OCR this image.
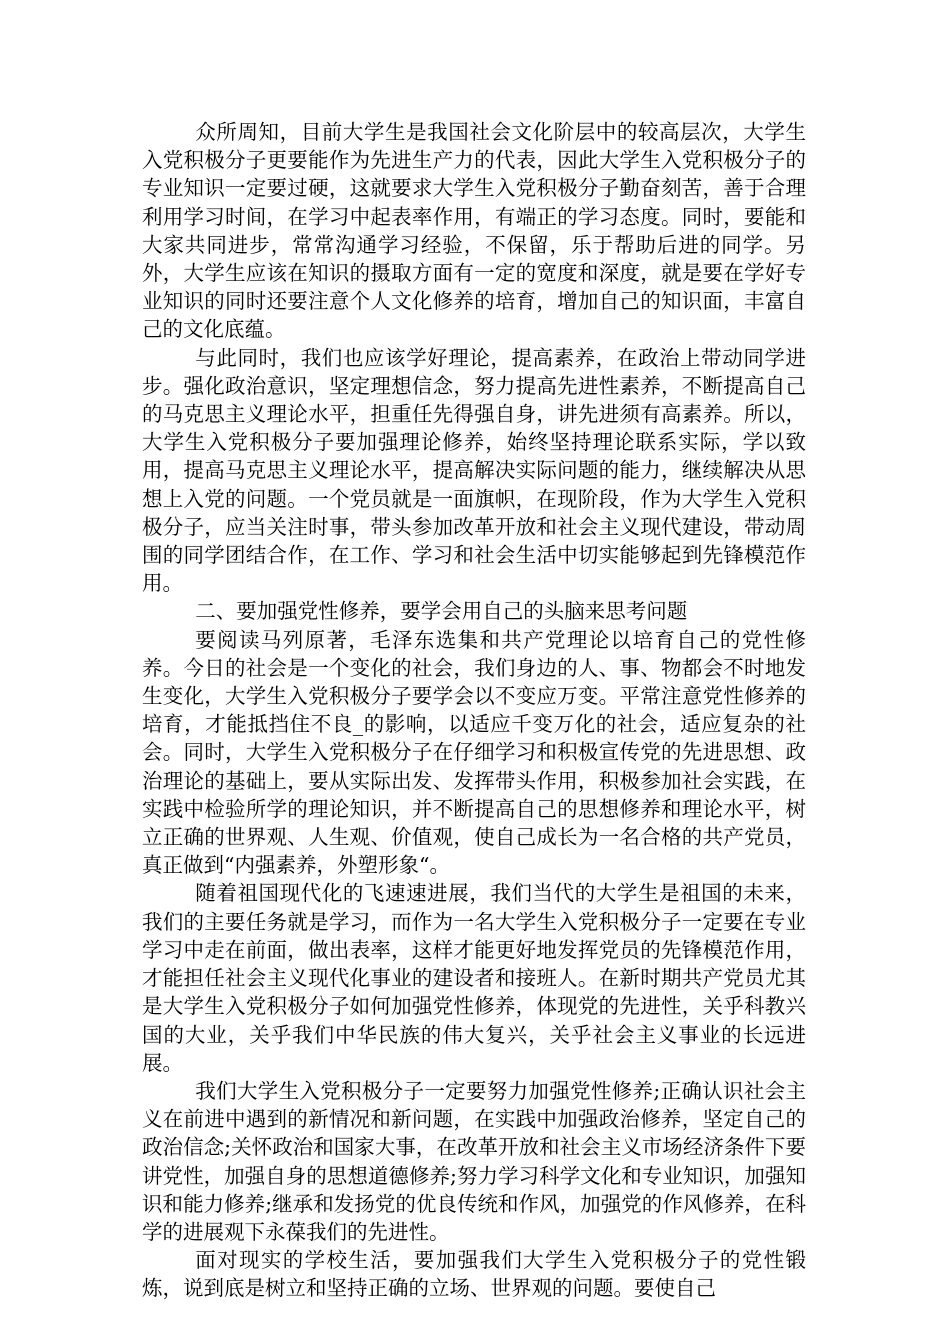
众所周知，目前大学生是我国社会文化阶层中的较高层次，大学生入党积极分子更要能作为先进生产力的代表，因此大学生入党积极分子的专业知识一定要过硬，这就要求大学生入党积极分子勤奋刻苦，善于合理利用学习时间，在学习中起表率作用，有端正的学习态度。同时，要能和大家共同进步，常常沟通学习经验，不保留，乐于帮助后进的同学。另外，大学生应该在知识的摄取方面有一定的宽度和深度，就是要在学好专业知识的同时还要注意个人文化修养的培育，增加自己的知识面，丰富自己的文化底蕴。

与此同时，我们也应该学好理论，提高素养，在政治上带动同学进步。强化政治意识，坚定理想信念，努力提高先进性素养，不断提高自己的马克思主义理论水平，担重任先得强自身，讲先进须有高素养。所以，大学生入党积极分子要加强理论修养，始终坚持理论联系实际，学以致用，提高马克思主义理论水平，提高解决实际问题的能力，继续解决从思想上入党的问题。一个党员就是一面旗帜，在现阶段，作为大学生入党积极分子，应当关注时事，带头参加改革开放和社会主义现代建设，带动周围的同学团结合作，在工作、学习和社会生活中切实能够起到先锋模范作用。

二、要加强党性修养，要学会用自己的头脑来思考问题

要阅读马列原著，毛泽东选集和共产党理论以培育自己的党性修养。今日的社会是一个变化的社会，我们身边的人、事、物都会不时地发生变化，大学生入党积极分子要学会以不变应万变。平常注意党性修养的培育，才能抵挡住不良_的影响，以适应千变万化的社会，适应复杂的社会。同时，大学生入党积极分子在仔细学习和积极宣传党的先进思想、政治理论的基础上，要从实际出发、发挥带头作用，积极参加社会实践，在实践中检验所学的理论知识，并不断提高自己的思想修养和理论水平，树立正确的世界观、人生观、价值观，使自己成长为一名合格的共产党员，真正做到“内强素养，外塑形象“。

随着祖国现代化的飞速速进展，我们当代的大学生是祖国的未来，我们的主要任务就是学习，而作为一名大学生入党积极分子一定要在专业学习中走在前面，做出表率，这样才能更好地发挥党员的先锋模范作用，才能担任社会主义现代化事业的建设者和接班人。在新时期共产党员尤其是大学生入党积极分子如何加强党性修养，体现党的先进性，关乎科教兴国的大业，关乎我们中华民族的伟大复兴，关乎社会主义事业的长远进展。

我们大学生入党积极分子一定要努力加强党性修养;正确认识社会主义在前进中遇到的新情况和新问题，在实践中加强政治修养，坚定自己的政治信念;关怀政治和国家大事，在改革开放和社会主义市场经济条件下要讲党性，加强自身的思想道德修养;努力学习科学文化和专业知识，加强知识和能力修养;继承和发扬党的优良传统和作风，加强党的作风修养，在科学的进展观下永葆我们的先进性。

面对现实的学校生活，要加强我们大学生入党积极分子的党性锻炼，说到底是树立和坚持正确的立场、世界观的问题。要使自己
